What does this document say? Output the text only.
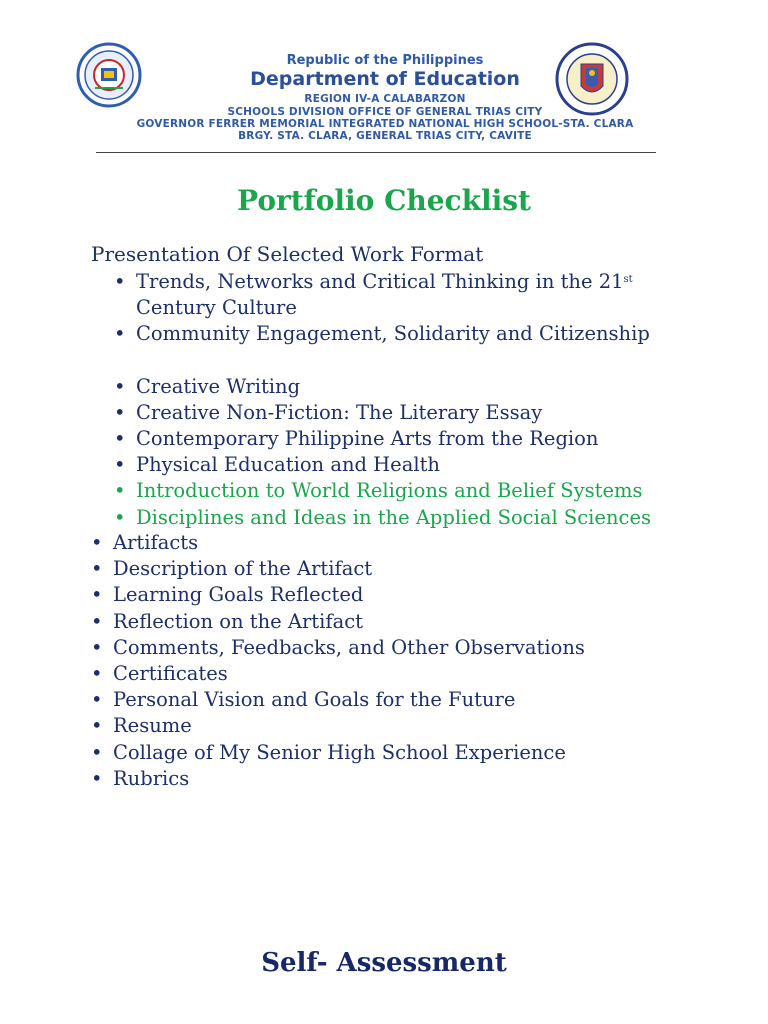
Republic of the Philippines
Department of Education
REGION IV-A CALABARZON
SCHOOLS DIVISION OFFICE OF GENERAL TRIAS CITY
GOVERNOR FERRER MEMORIAL INTEGRATED NATIONAL HIGH SCHOOL-STA. CLARA
BRGY. STA. CLARA, GENERAL TRIAS CITY, CAVITE
Portfolio Checklist
Presentation Of Selected Work Format
• Trends, Networks and Critical Thinking in the 21st Century Culture
• Community Engagement, Solidarity and Citizenship
• Creative Writing
• Creative Non-Fiction: The Literary Essay
• Contemporary Philippine Arts from the Region
• Physical Education and Health
• Introduction to World Religions and Belief Systems
• Disciplines and Ideas in the Applied Social Sciences
• Artifacts
• Description of the Artifact
• Learning Goals Reflected
• Reflection on the Artifact
• Comments, Feedbacks, and Other Observations
• Certificates
• Personal Vision and Goals for the Future
• Resume
• Collage of My Senior High School Experience
• Rubrics
Self- Assessment
